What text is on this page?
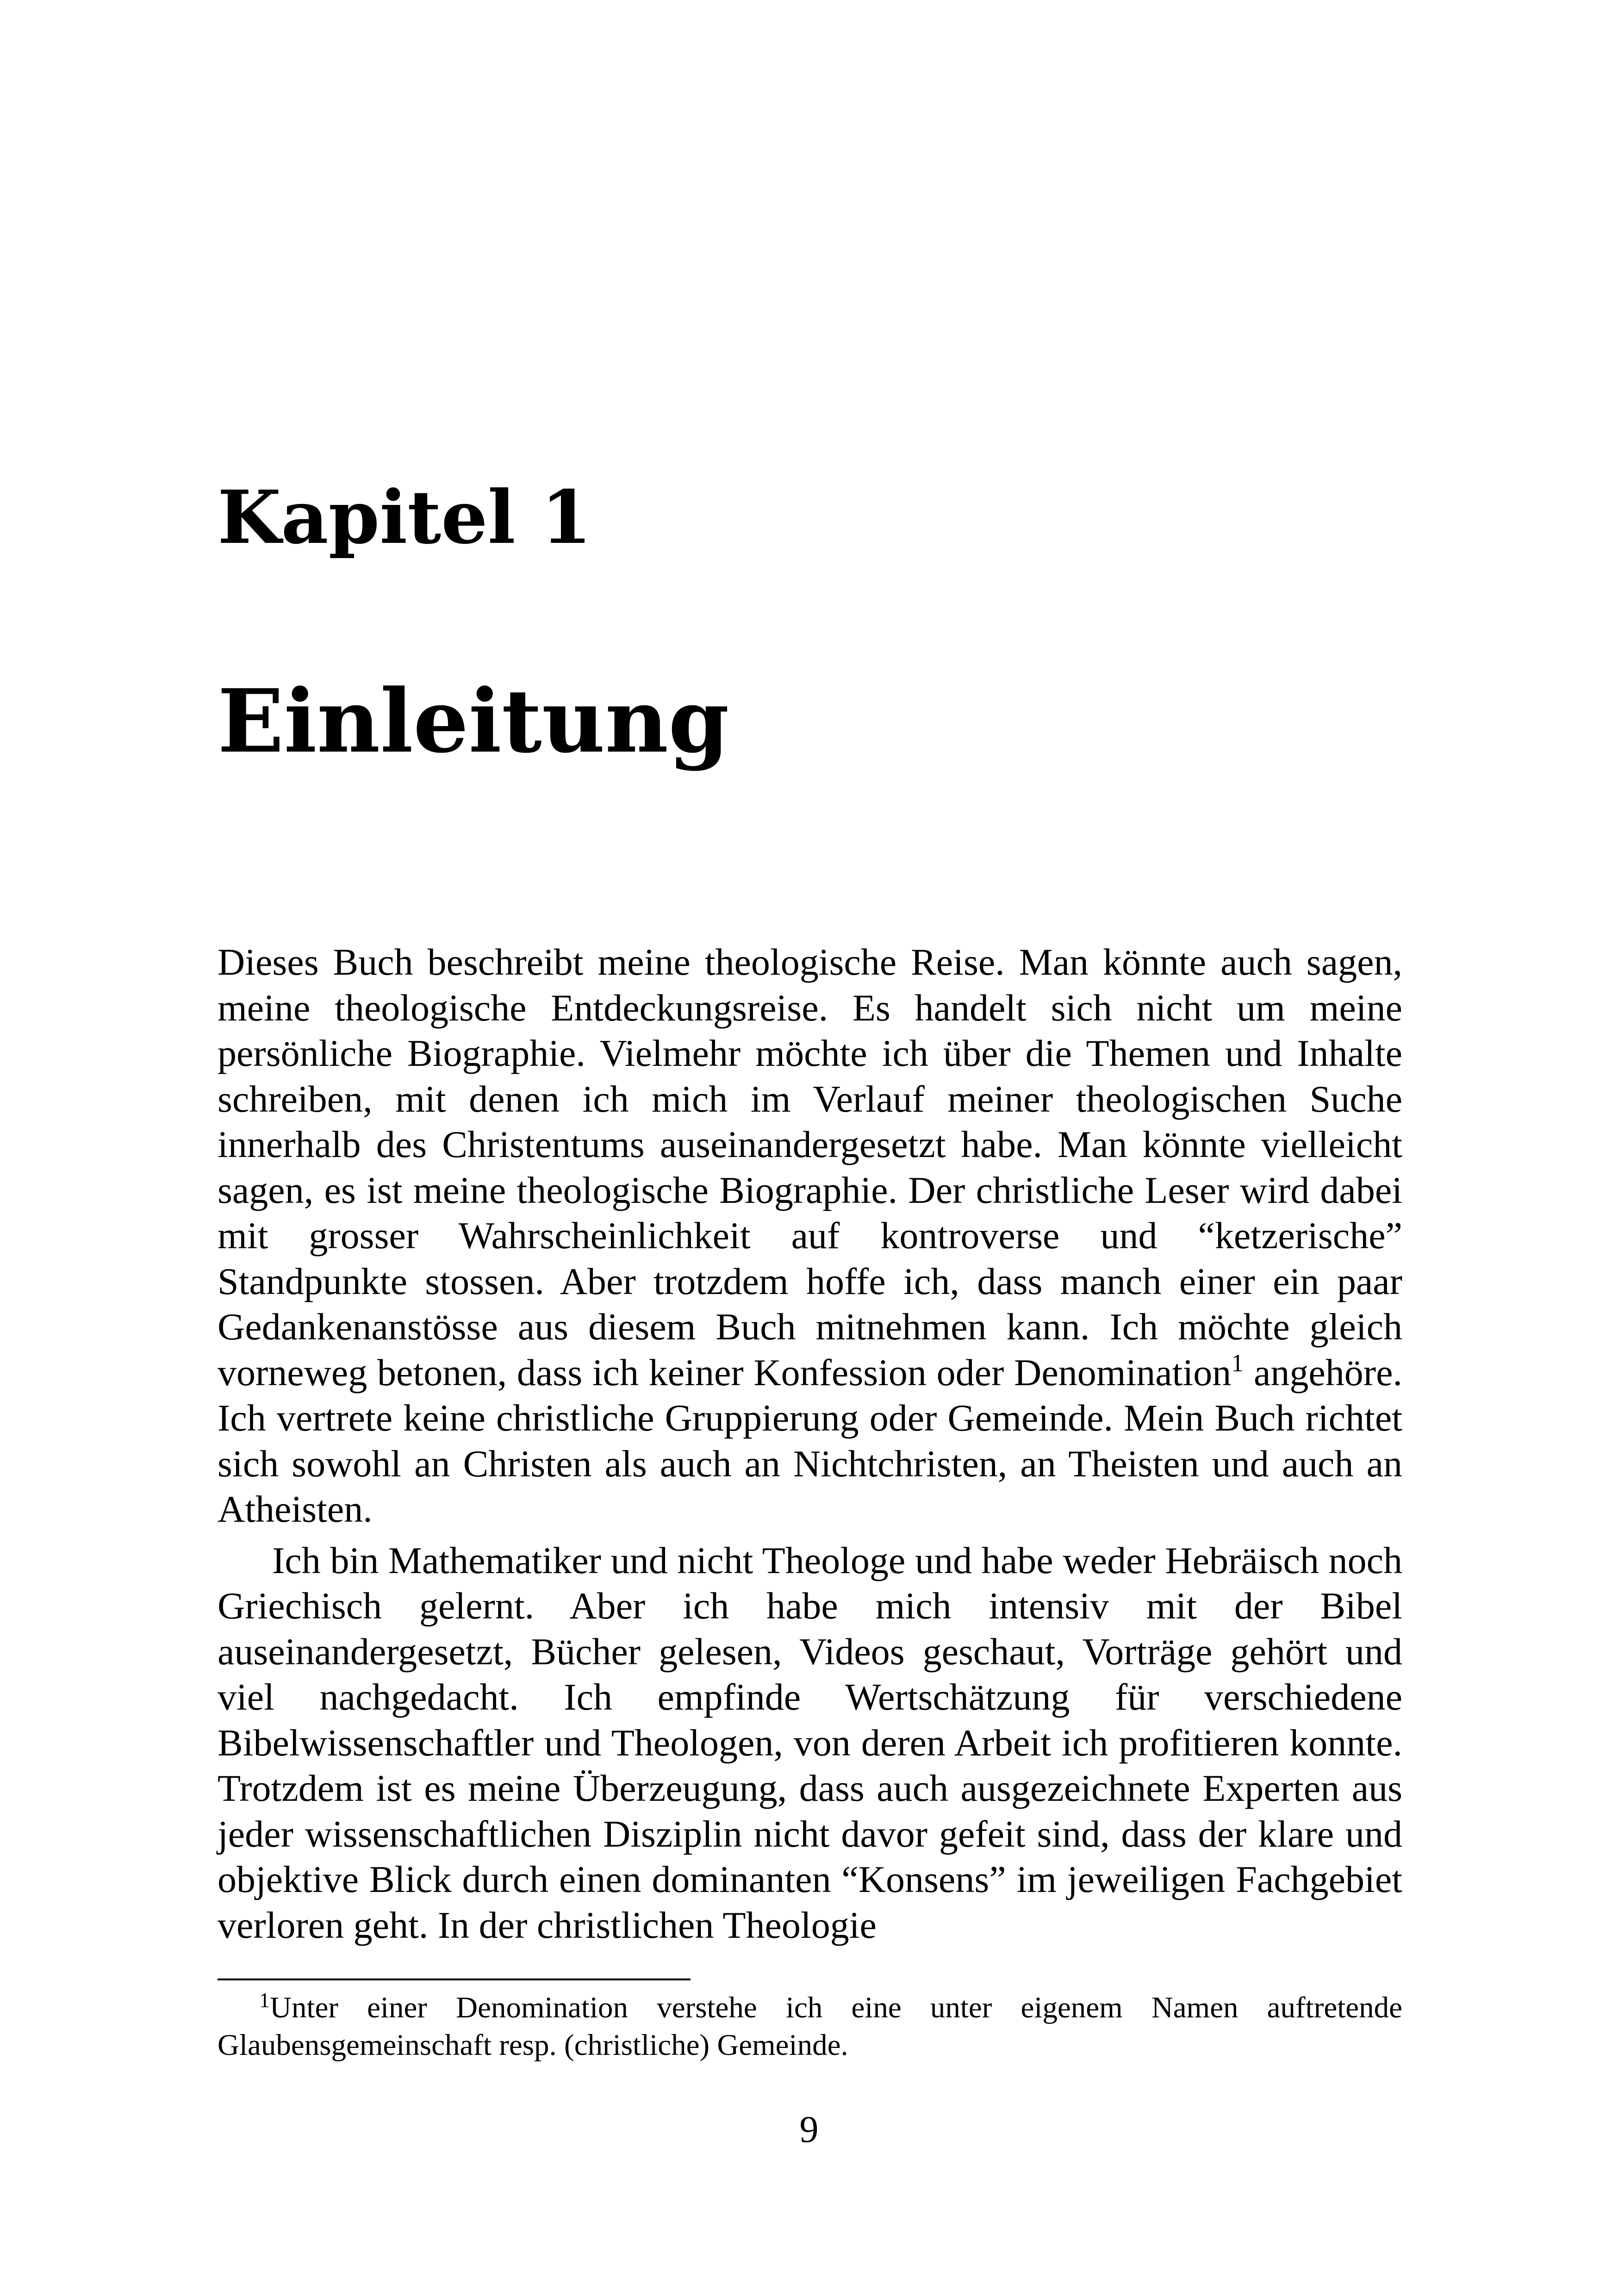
Kapitel 1
Einleitung

Dieses Buch beschreibt meine theologische Reise. Man könnte auch sagen, meine theologische Entdeckungsreise. Es handelt sich nicht um meine persönliche Biographie. Vielmehr möchte ich über die Themen und Inhalte schreiben, mit denen ich mich im Verlauf meiner theologischen Suche innerhalb des Christentums auseinandergesetzt habe. Man könnte vielleicht sagen, es ist meine theologische Biographie. Der christliche Leser wird dabei mit grosser Wahrscheinlichkeit auf kontroverse und “ketzerische” Standpunkte stossen. Aber trotzdem hoffe ich, dass manch einer ein paar Gedankenanstösse aus diesem Buch mitnehmen kann. Ich möchte gleich vorneweg betonen, dass ich keiner Konfession oder Denomination$^1$ angehöre. Ich vertrete keine christliche Gruppierung oder Gemeinde. Mein Buch richtet sich sowohl an Christen als auch an Nichtchristen, an Theisten und auch an Atheisten.

Ich bin Mathematiker und nicht Theologe und habe weder Hebräisch noch Griechisch gelernt. Aber ich habe mich intensiv mit der Bibel auseinandergesetzt, Bücher gelesen, Videos geschaut, Vorträge gehört und viel nachgedacht. Ich empfinde Wertschätzung für verschiedene Bibelwissenschaftler und Theologen, von deren Arbeit ich profitieren konnte. Trotzdem ist es meine Überzeugung, dass auch ausgezeichnete Experten aus jeder wissenschaftlichen Disziplin nicht davor gefeit sind, dass der klare und objektive Blick durch einen dominanten “Konsens” im jeweiligen Fachgebiet verloren geht. In der christlichen Theologie

$^1$Unter einer Denomination verstehe ich eine unter eigenem Namen auftretende Glaubensgemeinschaft resp. (christliche) Gemeinde.

9
